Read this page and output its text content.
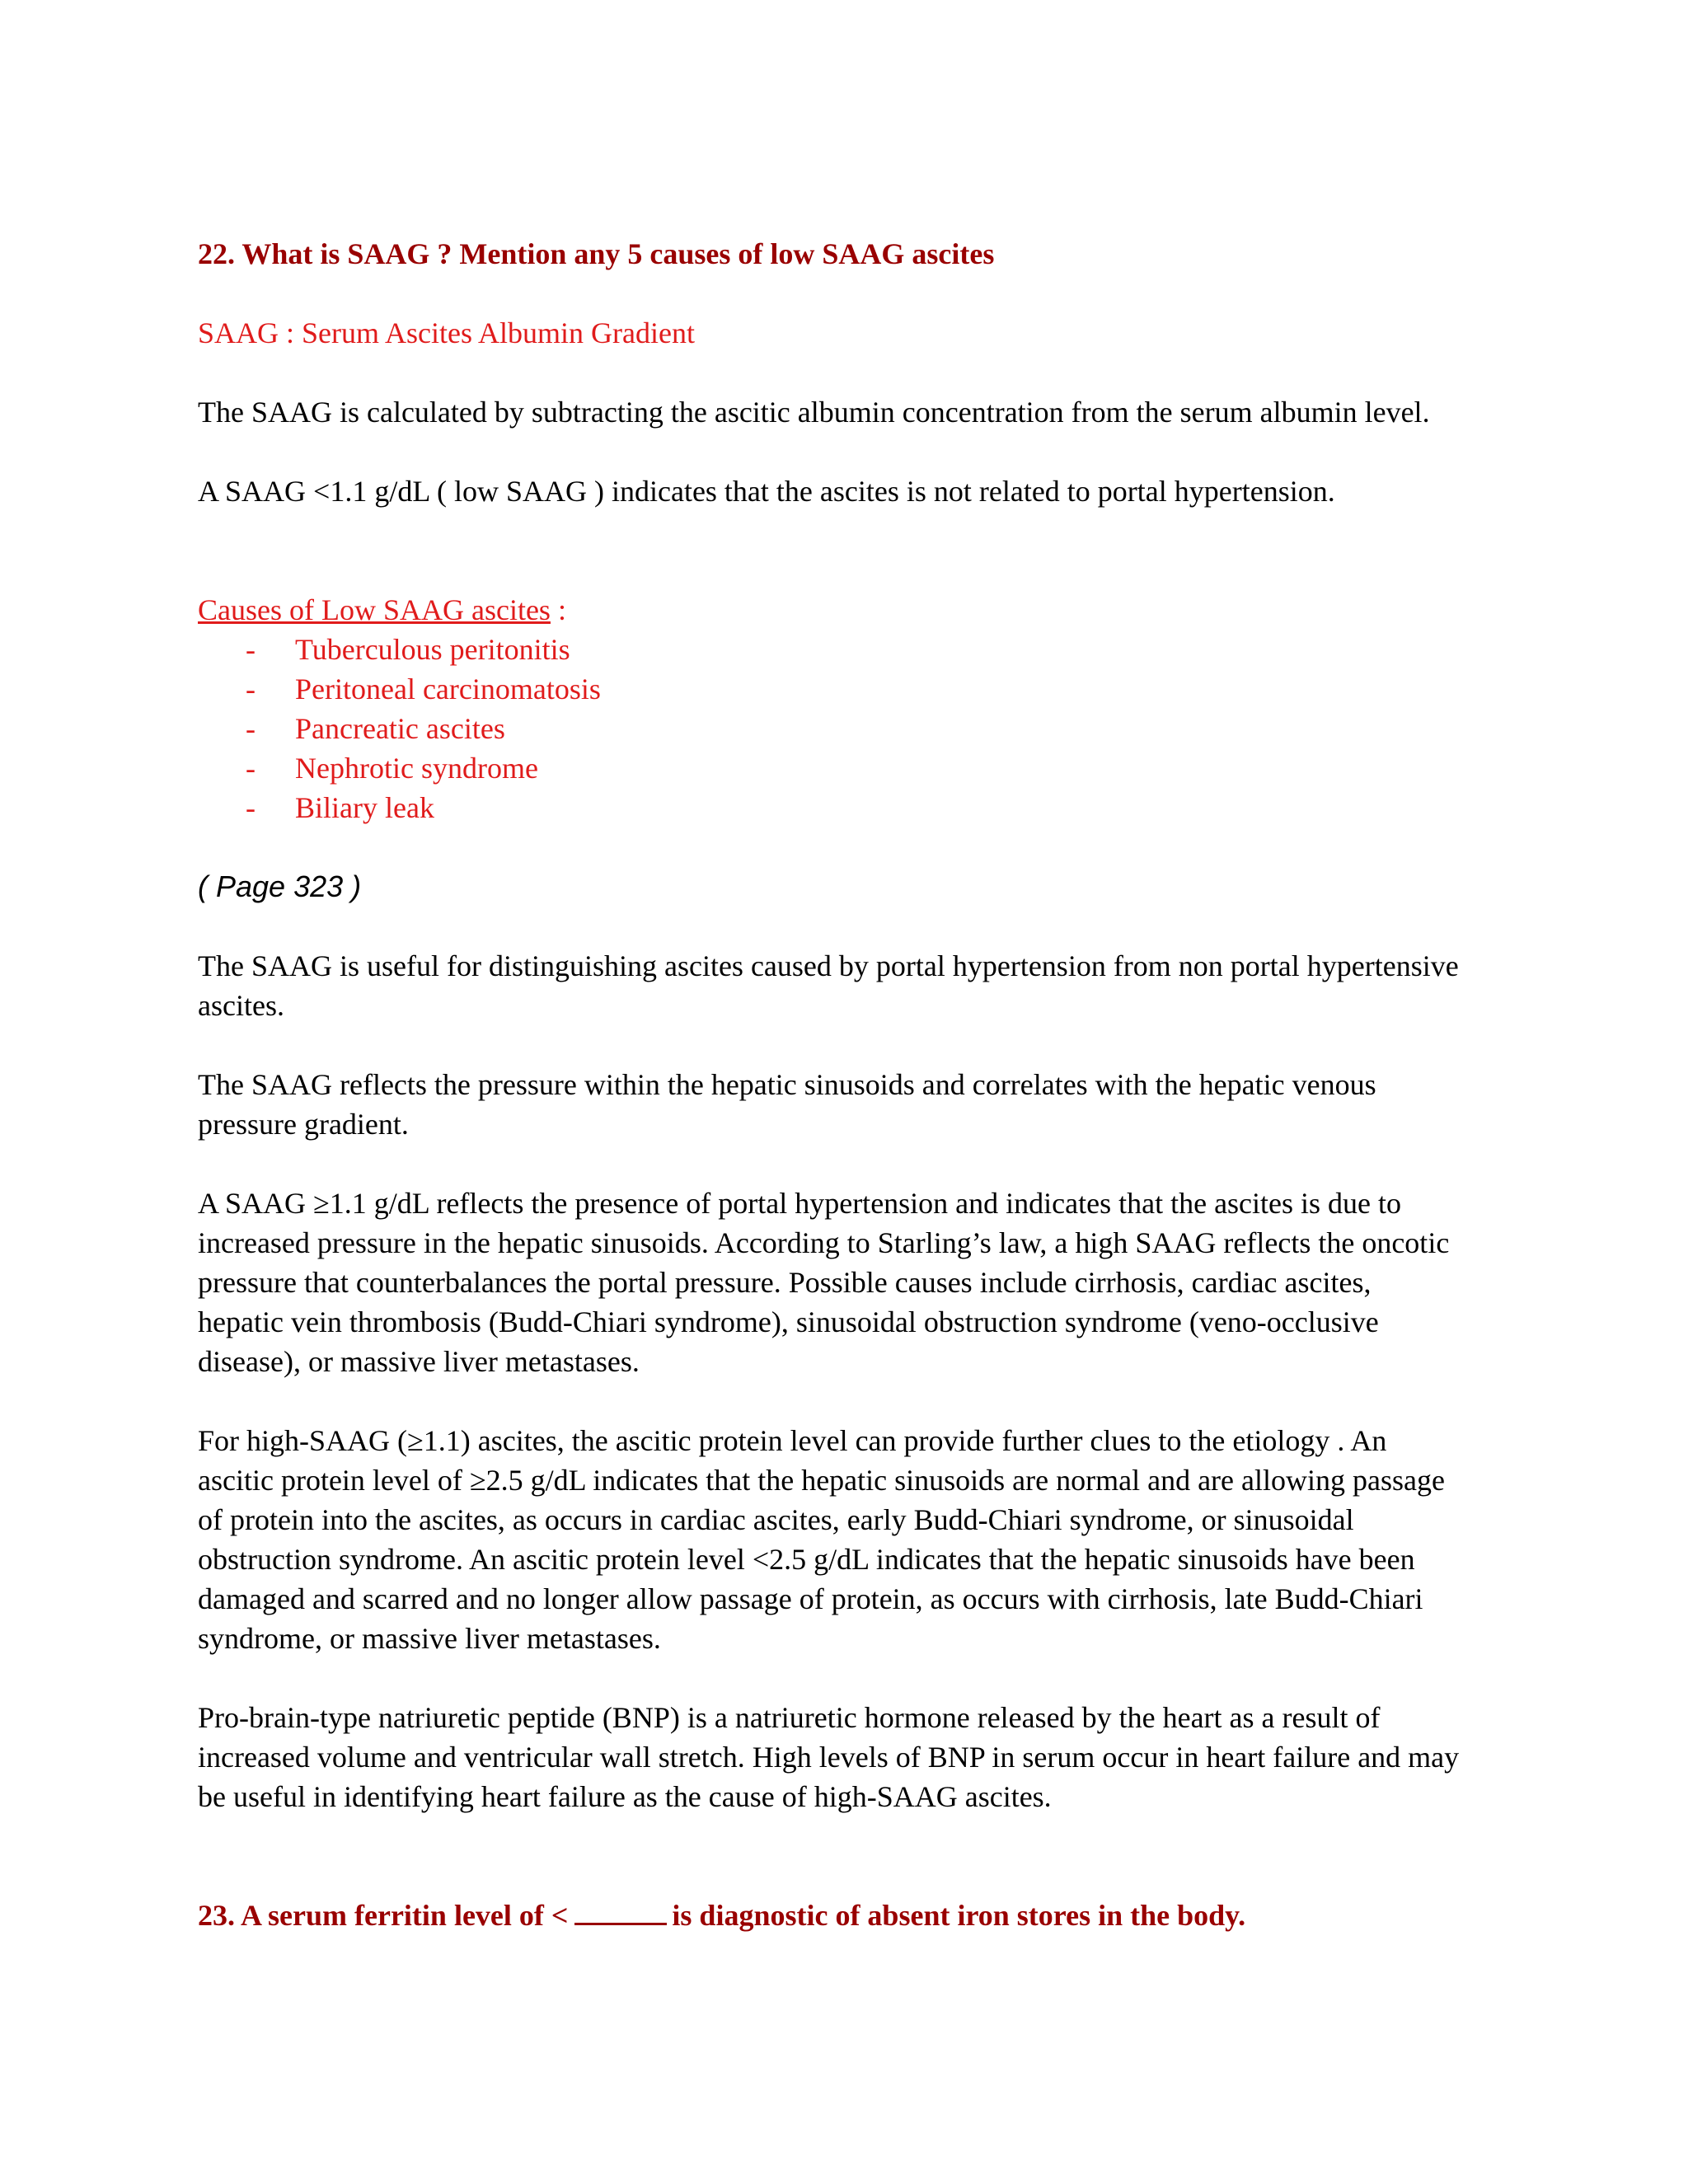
22. What is SAAG ? Mention any 5 causes of low SAAG ascites
SAAG : Serum Ascites Albumin Gradient
The SAAG is calculated by subtracting the ascitic albumin concentration from the serum albumin level.
A SAAG <1.1 g/dL ( low SAAG ) indicates that the ascites is not related to portal hypertension.
Causes of Low SAAG ascites :
- Tuberculous peritonitis
- Peritoneal carcinomatosis
- Pancreatic ascites
- Nephrotic syndrome
- Biliary leak
( Page 323 )
The SAAG is useful for distinguishing ascites caused by portal hypertension from non portal hypertensive
ascites.
The SAAG reflects the pressure within the hepatic sinusoids and correlates with the hepatic venous
pressure gradient.
A SAAG ≥1.1 g/dL reflects the presence of portal hypertension and indicates that the ascites is due to
increased pressure in the hepatic sinusoids. According to Starling’s law, a high SAAG reflects the oncotic
pressure that counterbalances the portal pressure. Possible causes include cirrhosis, cardiac ascites,
hepatic vein thrombosis (Budd-Chiari syndrome), sinusoidal obstruction syndrome (veno-occlusive
disease), or massive liver metastases.
For high-SAAG (≥1.1) ascites, the ascitic protein level can provide further clues to the etiology . An
ascitic protein level of ≥2.5 g/dL indicates that the hepatic sinusoids are normal and are allowing passage
of protein into the ascites, as occurs in cardiac ascites, early Budd-Chiari syndrome, or sinusoidal
obstruction syndrome. An ascitic protein level <2.5 g/dL indicates that the hepatic sinusoids have been
damaged and scarred and no longer allow passage of protein, as occurs with cirrhosis, late Budd-Chiari
syndrome, or massive liver metastases.
Pro-brain-type natriuretic peptide (BNP) is a natriuretic hormone released by the heart as a result of
increased volume and ventricular wall stretch. High levels of BNP in serum occur in heart failure and may
be useful in identifying heart failure as the cause of high-SAAG ascites.
23. A serum ferritin level of <	is diagnostic of absent iron stores in the body.
